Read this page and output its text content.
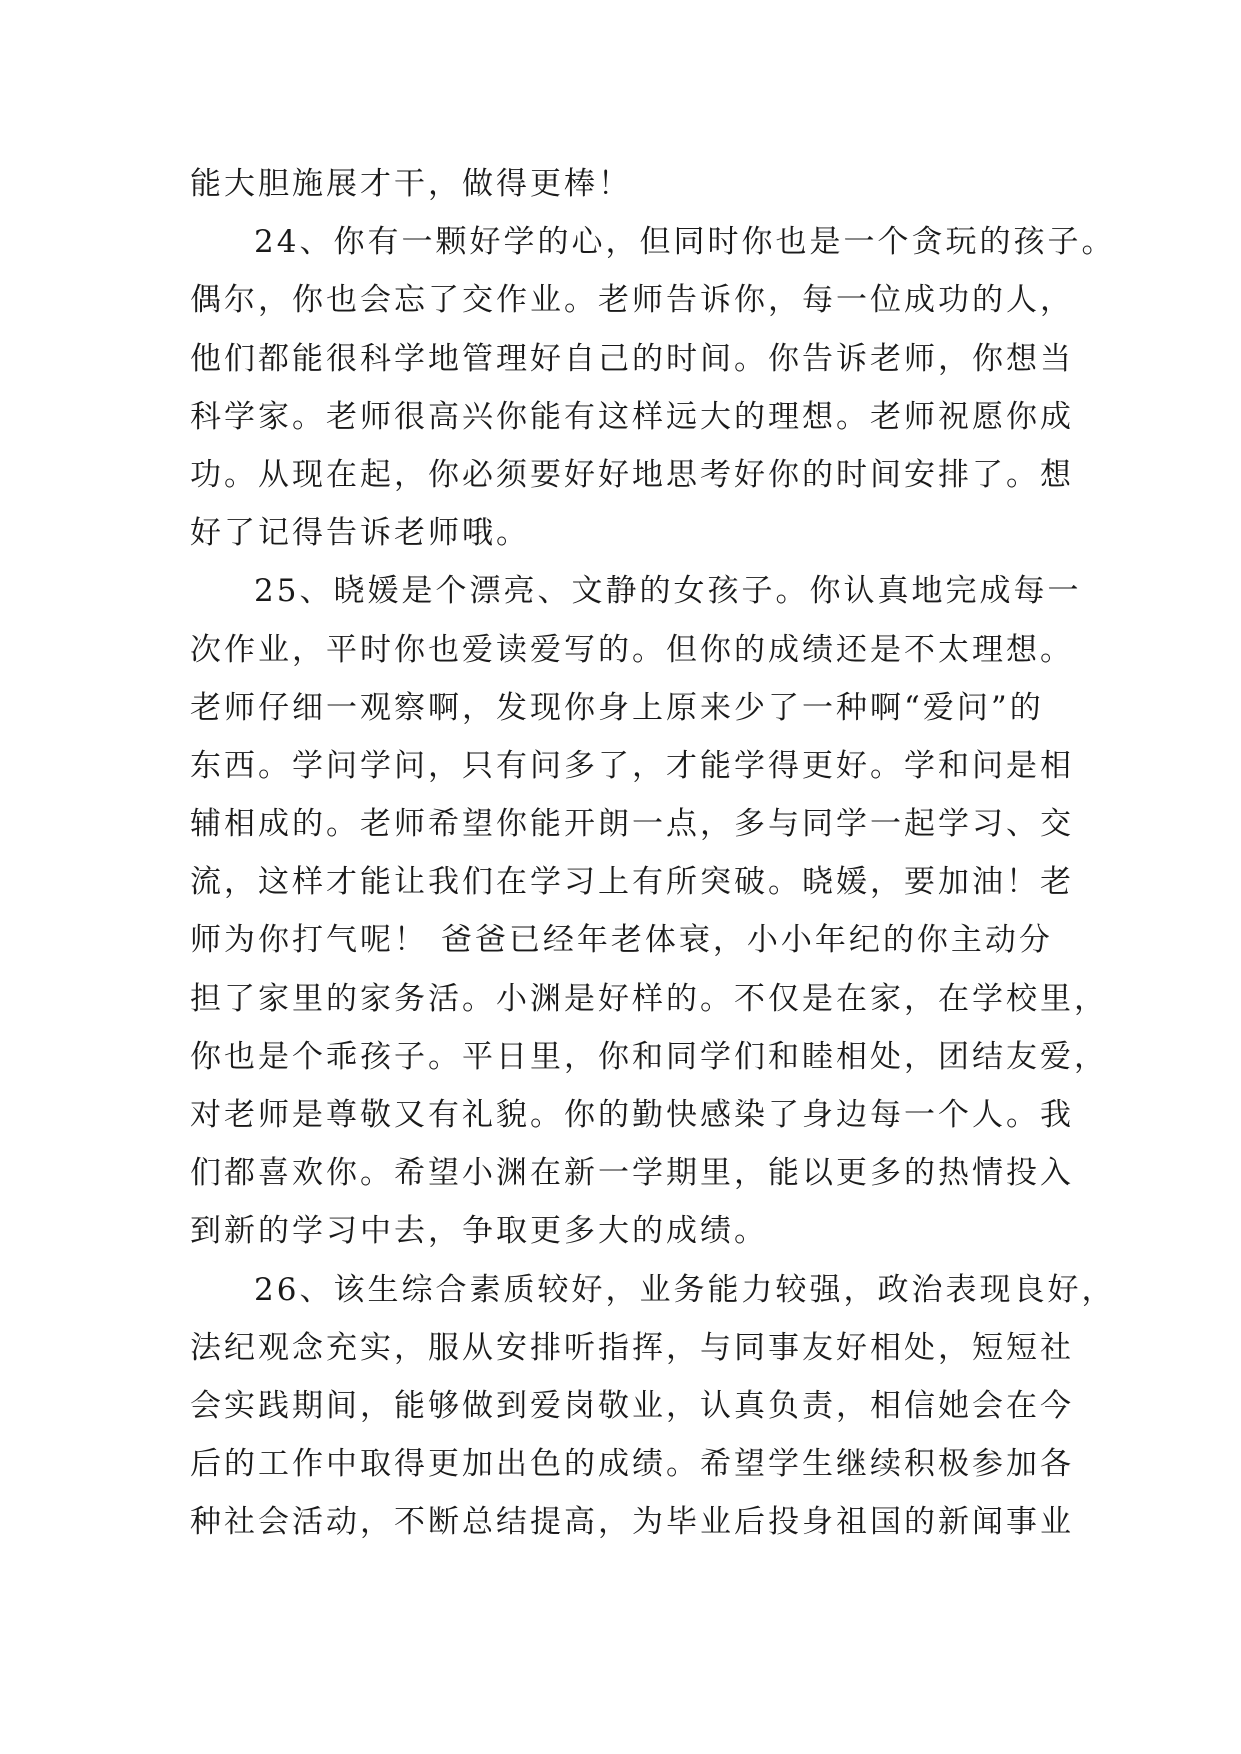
能大胆施展才干，做得更棒！
24、你有一颗好学的心，但同时你也是一个贪玩的孩子。
偶尔，你也会忘了交作业。老师告诉你，每一位成功的人，
他们都能很科学地管理好自己的时间。你告诉老师，你想当
科学家。老师很高兴你能有这样远大的理想。老师祝愿你成
功。从现在起，你必须要好好地思考好你的时间安排了。想
好了记得告诉老师哦。
25、晓媛是个漂亮、文静的女孩子。你认真地完成每一
次作业，平时你也爱读爱写的。但你的成绩还是不太理想。
老师仔细一观察啊，发现你身上原来少了一种啊“爱问”的
东西。学问学问，只有问多了，才能学得更好。学和问是相
辅相成的。老师希望你能开朗一点，多与同学一起学习、交
流，这样才能让我们在学习上有所突破。晓媛，要加油！老
师为你打气呢！ 爸爸已经年老体衰，小小年纪的你主动分
担了家里的家务活。小渊是好样的。不仅是在家，在学校里，
你也是个乖孩子。平日里，你和同学们和睦相处，团结友爱，
对老师是尊敬又有礼貌。你的勤快感染了身边每一个人。我
们都喜欢你。希望小渊在新一学期里，能以更多的热情投入
到新的学习中去，争取更多大的成绩。
26、该生综合素质较好，业务能力较强，政治表现良好，
法纪观念充实，服从安排听指挥，与同事友好相处，短短社
会实践期间，能够做到爱岗敬业，认真负责，相信她会在今
后的工作中取得更加出色的成绩。希望学生继续积极参加各
种社会活动，不断总结提高，为毕业后投身祖国的新闻事业
